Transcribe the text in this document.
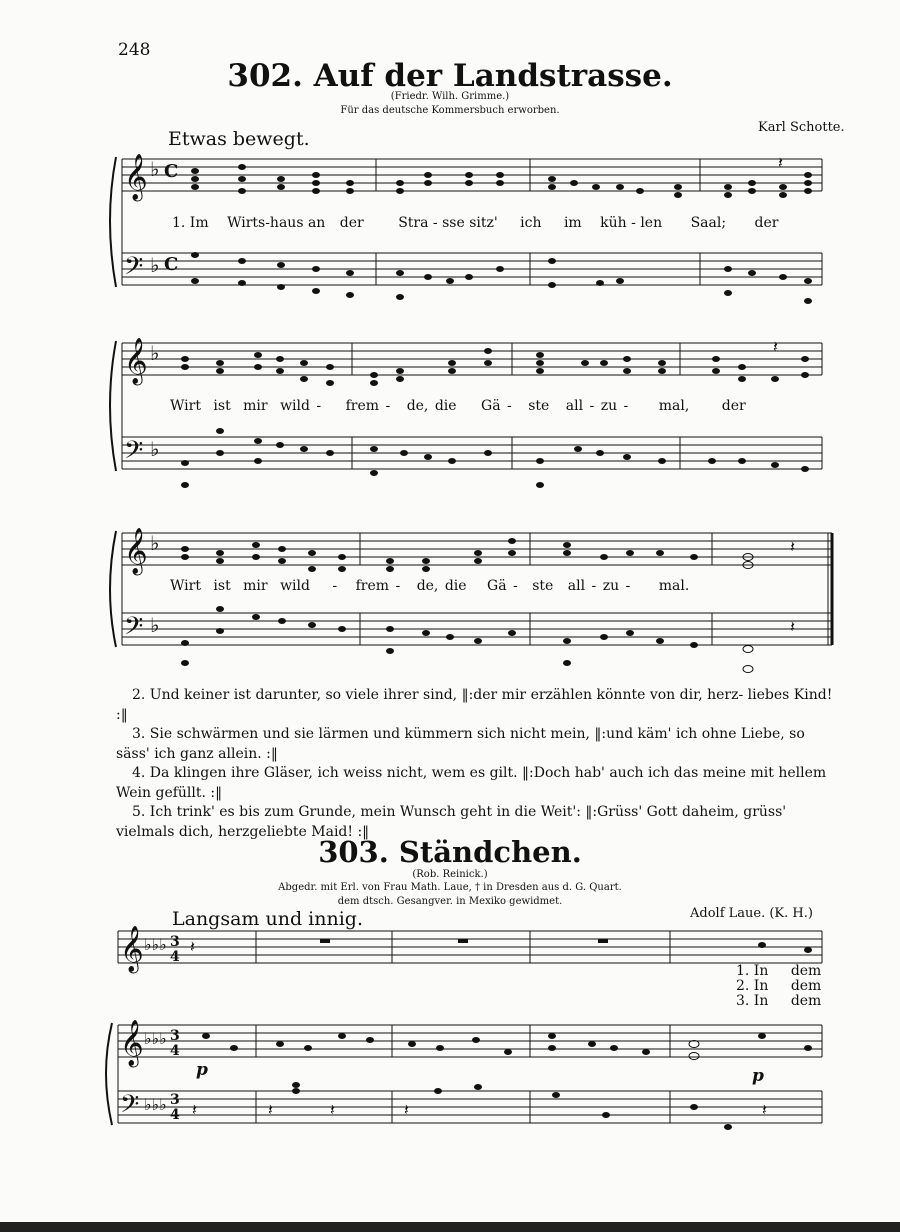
248
302. Auf der Landstrasse.
(Friedr. Wilh. Grimme.)
Für das deutsche Kommersbuch erworben.
Karl Schotte.
Etwas bewegt.
𝄞
𝄢
♭
♭
C
C
𝄞
𝄢
♭
♭
𝄞
𝄢
♭
♭
𝄞 ♭♭♭ 3
4
𝄞 ♭♭♭ 3
4
𝄢 ♭♭♭ 3
4
𝄽
𝄽
𝄽
𝄽
𝄽
𝄽	𝄽	𝄽	𝄽	𝄽
1. Im Wirts-haus an der Stra - sse sitz' ich im küh - len Saal; der
Wirt ist mir wild - frem - de, die Gä - ste all - zu - mal, der
Wirt ist mir wild - frem - de, die Gä - ste all - zu - mal.

2. Und keiner ist darunter, so viele ihrer sind, ‖:der mir erzählen könnte von dir, herz- liebes Kind! :‖

3. Sie schwärmen und sie lärmen und kümmern sich nicht mein, ‖:und käm' ich ohne Liebe, so säss' ich ganz allein. :‖

4. Da klingen ihre Gläser, ich weiss nicht, wem es gilt. ‖:Doch hab' auch ich das meine mit hellem Wein gefüllt. :‖

5. Ich trink' es bis zum Grunde, mein Wunsch geht in die Weit': ‖:Grüss' Gott daheim, grüss' vielmals dich, herzgeliebte Maid! :‖

303. Ständchen.
(Rob. Reinick.)
Abgedr. mit Erl. von Frau Math. Laue, † in Dresden aus d. G. Quart.
dem dtsch. Gesangver. in Mexiko gewidmet.
Adolf Laue. (K. H.)
Langsam und innig.
1. In dem
2. In dem
3. In dem
p	p
